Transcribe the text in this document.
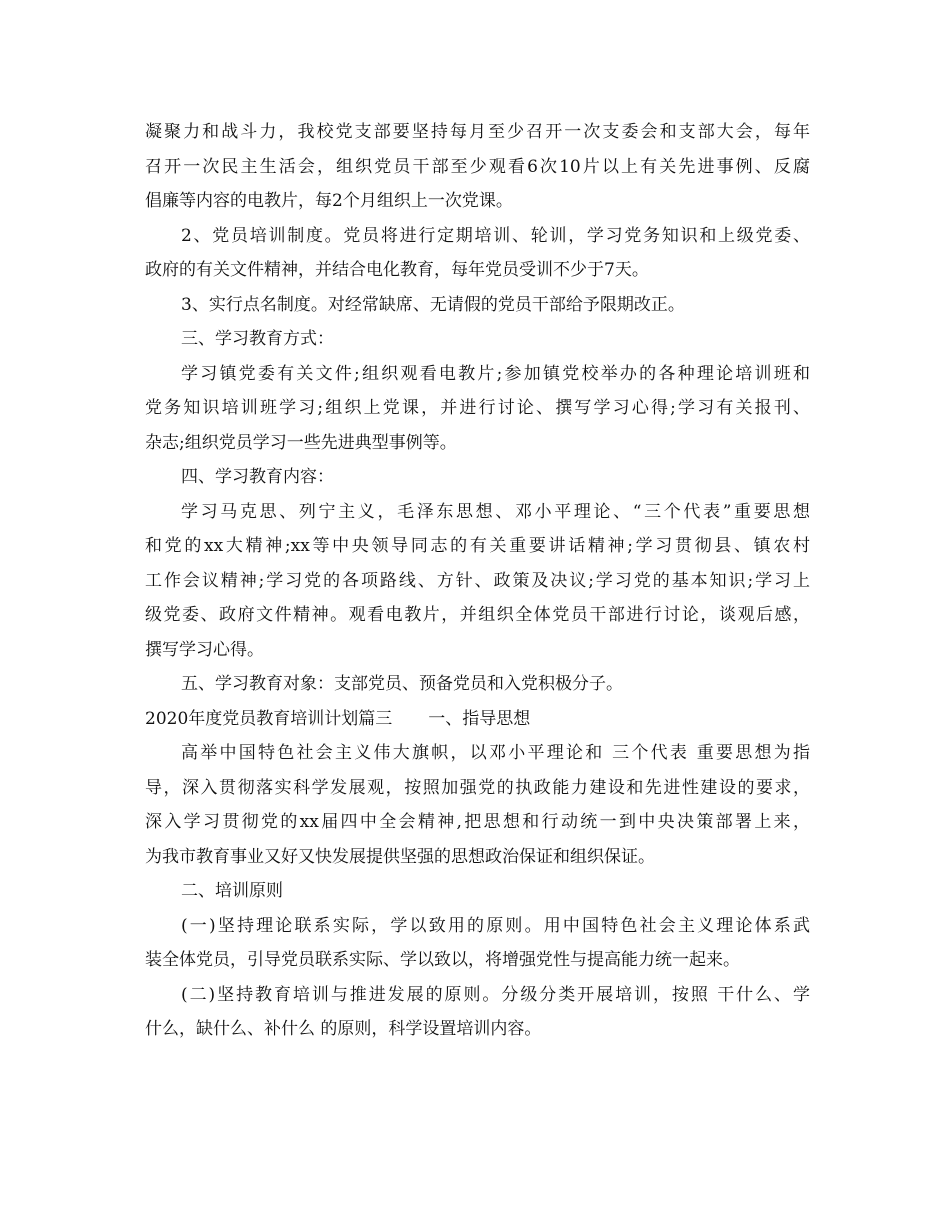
凝聚力和战斗力，我校党支部要坚持每月至少召开一次支委会和支部大会，每年
召开一次民主生活会，组织党员干部至少观看6次10片以上有关先进事例、反腐
倡廉等内容的电教片，每2个月组织上一次党课。
2、党员培训制度。党员将进行定期培训、轮训，学习党务知识和上级党委、
政府的有关文件精神，并结合电化教育，每年党员受训不少于7天。
3、实行点名制度。对经常缺席、无请假的党员干部给予限期改正。
三、学习教育方式：
学习镇党委有关文件;组织观看电教片;参加镇党校举办的各种理论培训班和
党务知识培训班学习;组织上党课，并进行讨论、撰写学习心得;学习有关报刊、
杂志;组织党员学习一些先进典型事例等。
四、学习教育内容：
学习马克思、列宁主义，毛泽东思想、邓小平理论、“三个代表”重要思想
和党的xx大精神;xx等中央领导同志的有关重要讲话精神;学习贯彻县、镇农村
工作会议精神;学习党的各项路线、方针、政策及决议;学习党的基本知识;学习上
级党委、政府文件精神。观看电教片，并组织全体党员干部进行讨论，谈观后感，
撰写学习心得。
五、学习教育对象：支部党员、预备党员和入党积极分子。
2020年度党员教育培训计划篇三 一、指导思想
高举中国特色社会主义伟大旗帜，以邓小平理论和 三个代表 重要思想为指
导，深入贯彻落实科学发展观，按照加强党的执政能力建设和先进性建设的要求，
深入学习贯彻党的xx届四中全会精神,把思想和行动统一到中央决策部署上来，
为我市教育事业又好又快发展提供坚强的思想政治保证和组织保证。
二、培训原则
(一)坚持理论联系实际，学以致用的原则。用中国特色社会主义理论体系武
装全体党员，引导党员联系实际、学以致以，将增强党性与提高能力统一起来。
(二)坚持教育培训与推进发展的原则。分级分类开展培训，按照 干什么、学
什么，缺什么、补什么 的原则，科学设置培训内容。
